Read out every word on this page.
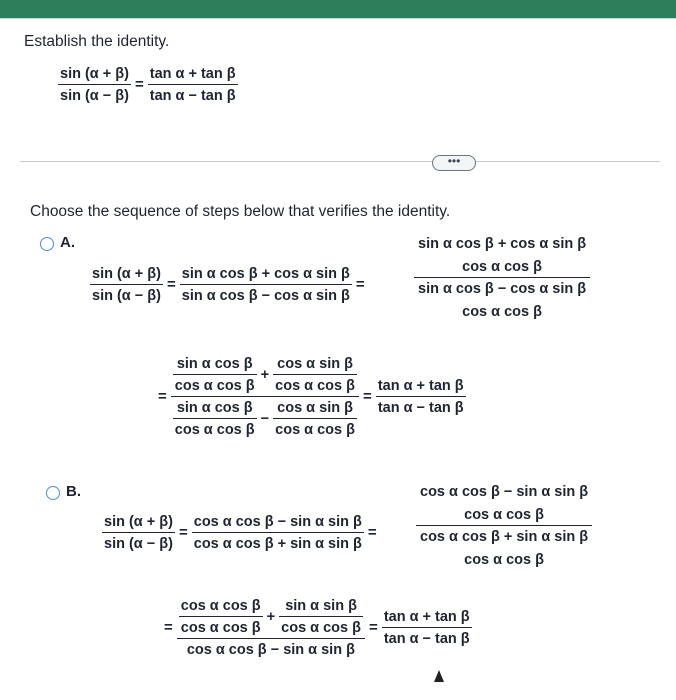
Establish the identity.
$\frac{\sin (\alpha + \beta)}{\sin (\alpha - \beta)} = \frac{\text{tan α + tan β}}{\text{tan α − tan β}}$
•••
Choose the sequence of steps below that verifies the identity.
A.
$\frac{\sin (\alpha + \beta)}{\sin (\alpha - \beta)} = \frac{\text{sin α cos β + cos α sin β}}{\text{sin α cos β − cos α sin β}}$ =	sin α cos β + cos α sin β
cos α cos β
sin α cos β − cos α sin β
cos α cos β
=
$\frac{\text{sin α cos β}}{\text{cos α cos β}} + \frac{\text{cos α sin β}}{\text{cos α cos β}}$
$\frac{\text{sin α cos β}}{\text{cos α cos β}} - \frac{\text{cos α sin β}}{\text{cos α cos β}}$
= $\frac{\text{tan α + tan β}}{\text{tan α − tan β}}$
B.
$\frac{\sin (\alpha + \beta)}{\sin (\alpha - \beta)} = \frac{\text{cos α cos β − sin α sin β}}{\text{cos α cos β + sin α sin β}}$ =	cos α cos β − sin α sin β
cos α cos β
cos α cos β + sin α sin β
cos α cos β
= $\frac{\text{cos α cos β}}{\text{cos α cos β}} + \frac{\text{sin α sin β}}{\text{cos α cos β}}$
cos α cos β − sin α sin β
= $\frac{\text{tan α + tan β}}{\text{tan α − tan β}}$
